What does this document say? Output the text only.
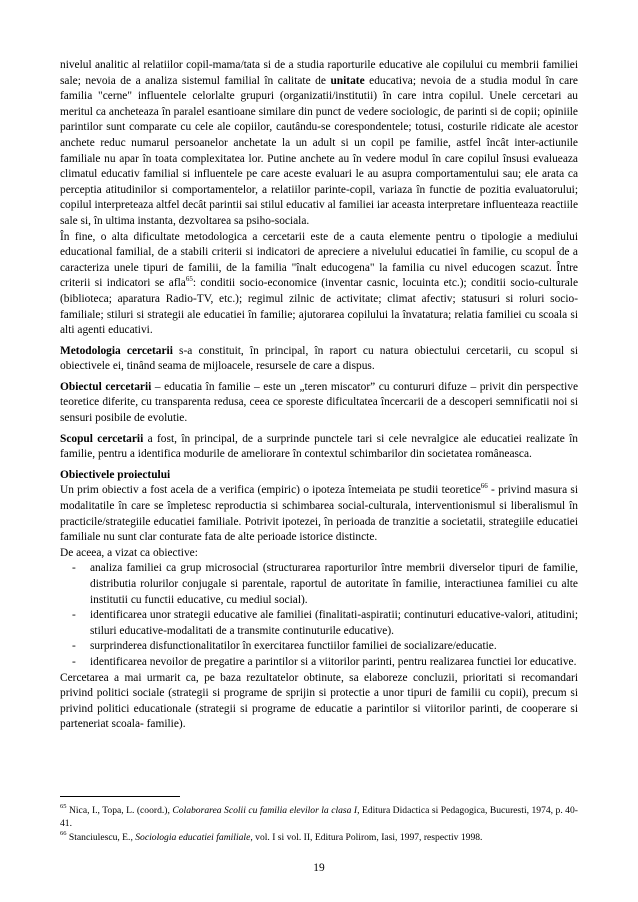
nivelul analitic al relatiilor copil-mama/tata si de a studia raporturile educative ale copilului cu membrii familiei sale; nevoia de a analiza sistemul familial în calitate de unitate educativa; nevoia de a studia modul în care familia "cerne" influentele celorlalte grupuri (organizatii/institutii) în care intra copilul. Unele cercetari au meritul ca ancheteaza în paralel esantioane similare din punct de vedere sociologic, de parinti si de copii; opiniile parintilor sunt comparate cu cele ale copiilor, cautându-se corespondentele; totusi, costurile ridicate ale acestor anchete reduc numarul persoanelor anchetate la un adult si un copil pe familie, astfel încât inter-actiunile familiale nu apar în toata complexitatea lor. Putine anchete au în vedere modul în care copilul însusi evalueaza climatul educativ familial si influentele pe care aceste evaluari le au asupra comportamentului sau; ele arata ca perceptia atitudinilor si comportamentelor, a relatiilor parinte-copil, variaza în functie de pozitia evaluatorului; copilul interpreteaza altfel decât parintii sai stilul educativ al familiei iar aceasta interpretare influenteaza reactiile sale si, în ultima instanta, dezvoltarea sa psiho-sociala.

În fine, o alta dificultate metodologica a cercetarii este de a cauta elemente pentru o tipologie a mediului educational familial, de a stabili criterii si indicatori de apreciere a nivelului educatiei în familie, cu scopul de a caracteriza unele tipuri de familii, de la familia "înalt educogena" la familia cu nivel educogen scazut. Între criterii si indicatori se afla$^{65}$: conditii socio-economice (inventar casnic, locuinta etc.); conditii socio-culturale (biblioteca; aparatura Radio-TV, etc.); regimul zilnic de activitate; climat afectiv; statusuri si roluri socio-familiale; stiluri si strategii ale educatiei în familie; ajutorarea copilului la învatatura; relatia familiei cu scoala si alti agenti educativi.

Metodologia cercetarii s-a constituit, în principal, în raport cu natura obiectului cercetarii, cu scopul si obiectivele ei, tinând seama de mijloacele, resursele de care a dispus.

Obiectul cercetarii – educatia în familie – este un „teren miscator” cu contururi difuze – privit din perspective teoretice diferite, cu transparenta redusa, ceea ce sporeste dificultatea încercarii de a descoperi semnificatii noi si sensuri posibile de evolutie.

Scopul cercetarii a fost, în principal, de a surprinde punctele tari si cele nevralgice ale educatiei realizate în familie, pentru a identifica modurile de ameliorare în contextul schimbarilor din societatea româneasca.

Obiectivele proiectului

Un prim obiectiv a fost acela de a verifica (empiric) o ipoteza întemeiata pe studii teoretice$^{66}$ - privind masura si modalitatile în care se împletesc reproductia si schimbarea social-culturala, interventionismul si liberalismul în practicile/strategiile educatiei familiale. Potrivit ipotezei, în perioada de tranzitie a societatii, strategiile educatiei familiale nu sunt clar conturate fata de alte perioade istorice distincte.

De aceea, a vizat ca obiective:

- analiza familiei ca grup microsocial (structurarea raporturilor între membrii diverselor tipuri de familie, distributia rolurilor conjugale si parentale, raportul de autoritate în familie, interactiunea familiei cu alte institutii cu functii educative, cu mediul social).
- identificarea unor strategii educative ale familiei (finalitati-aspiratii; continuturi educative-valori, atitudini; stiluri educative-modalitati de a transmite continuturile educative).
- surprinderea disfunctionalitatilor în exercitarea functiilor familiei de socializare/educatie.
- identificarea nevoilor de pregatire a parintilor si a viitorilor parinti, pentru realizarea functiei lor educative.

Cercetarea a mai urmarit ca, pe baza rezultatelor obtinute, sa elaboreze concluzii, prioritati si recomandari privind politici sociale (strategii si programe de sprijin si protectie a unor tipuri de familii cu copii), precum si privind politici educationale (strategii si programe de educatie a parintilor si viitorilor parinti, de cooperare si parteneriat scoala- familie).

$^{65}$ Nica, I., Topa, L. (coord.), Colaborarea Scolii cu familia elevilor la clasa I, Editura Didactica si Pedagogica, Bucuresti, 1974, p. 40-41.
$^{66}$ Stanciulescu, E., Sociologia educatiei familiale, vol. I si vol. II, Editura Polirom, Iasi, 1997, respectiv 1998.
19
